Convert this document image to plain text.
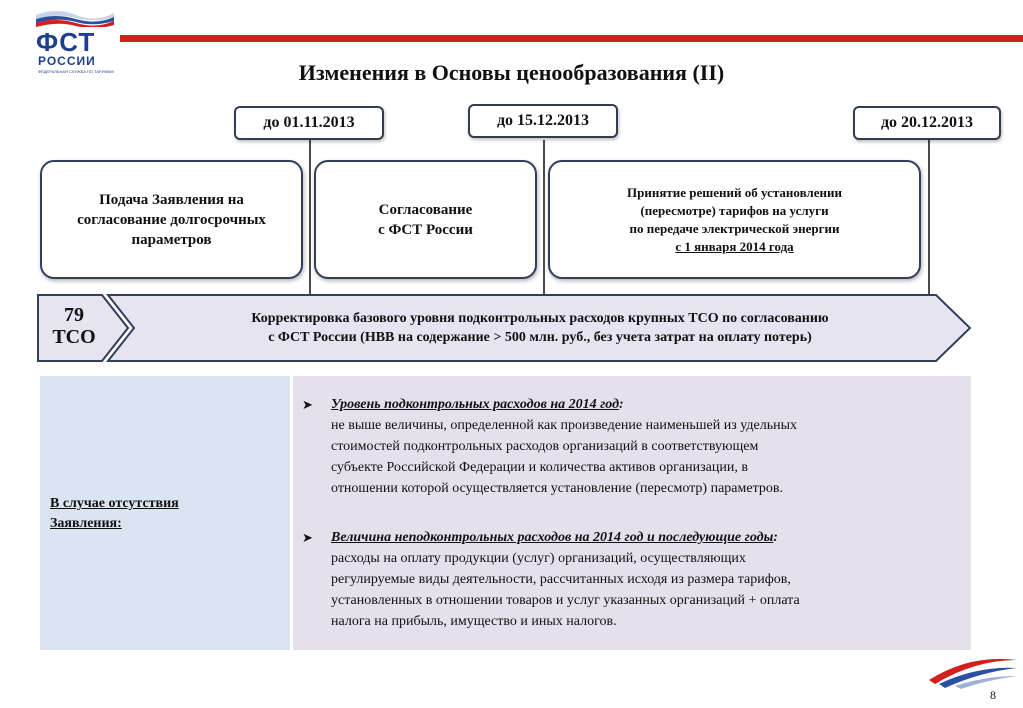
ФСТ
РОССИИ
ФЕДЕРАЛЬНАЯ СЛУЖБА ПО ТАРИФАМ	Изменения в Основы ценообразования (II)
до 01.11.2013	до 15.12.2013	до 20.12.2013
Подача Заявления на
согласование долгосрочных
параметров
Согласование
с ФСТ России
Принятие решений об установлении
(пересмотре) тарифов на услуги
по передаче электрической энергии
с 1 января 2014 года
79
ТСО
Корректировка базового уровня подконтрольных расходов крупных ТСО по согласованию
с ФСТ России (НВВ на содержание > 500 млн. руб., без учета затрат на оплату потерь)
В случае отсутствия
Заявления:
➤ Уровень подконтрольных расходов на 2014 год:
не выше величины, определенной как произведение наименьшей из удельных
стоимостей подконтрольных расходов организаций в соответствующем
субъекте Российской Федерации и количества активов организации, в
отношении которой осуществляется установление (пересмотр) параметров.
➤ Величина неподконтрольных расходов на 2014 год и последующие годы:
расходы на оплату продукции (услуг) организаций, осуществляющих
регулируемые виды деятельности, рассчитанных исходя из размера тарифов,
установленных в отношении товаров и услуг указанных организаций + оплата
налога на прибыль, имущество и иных налогов.
8
